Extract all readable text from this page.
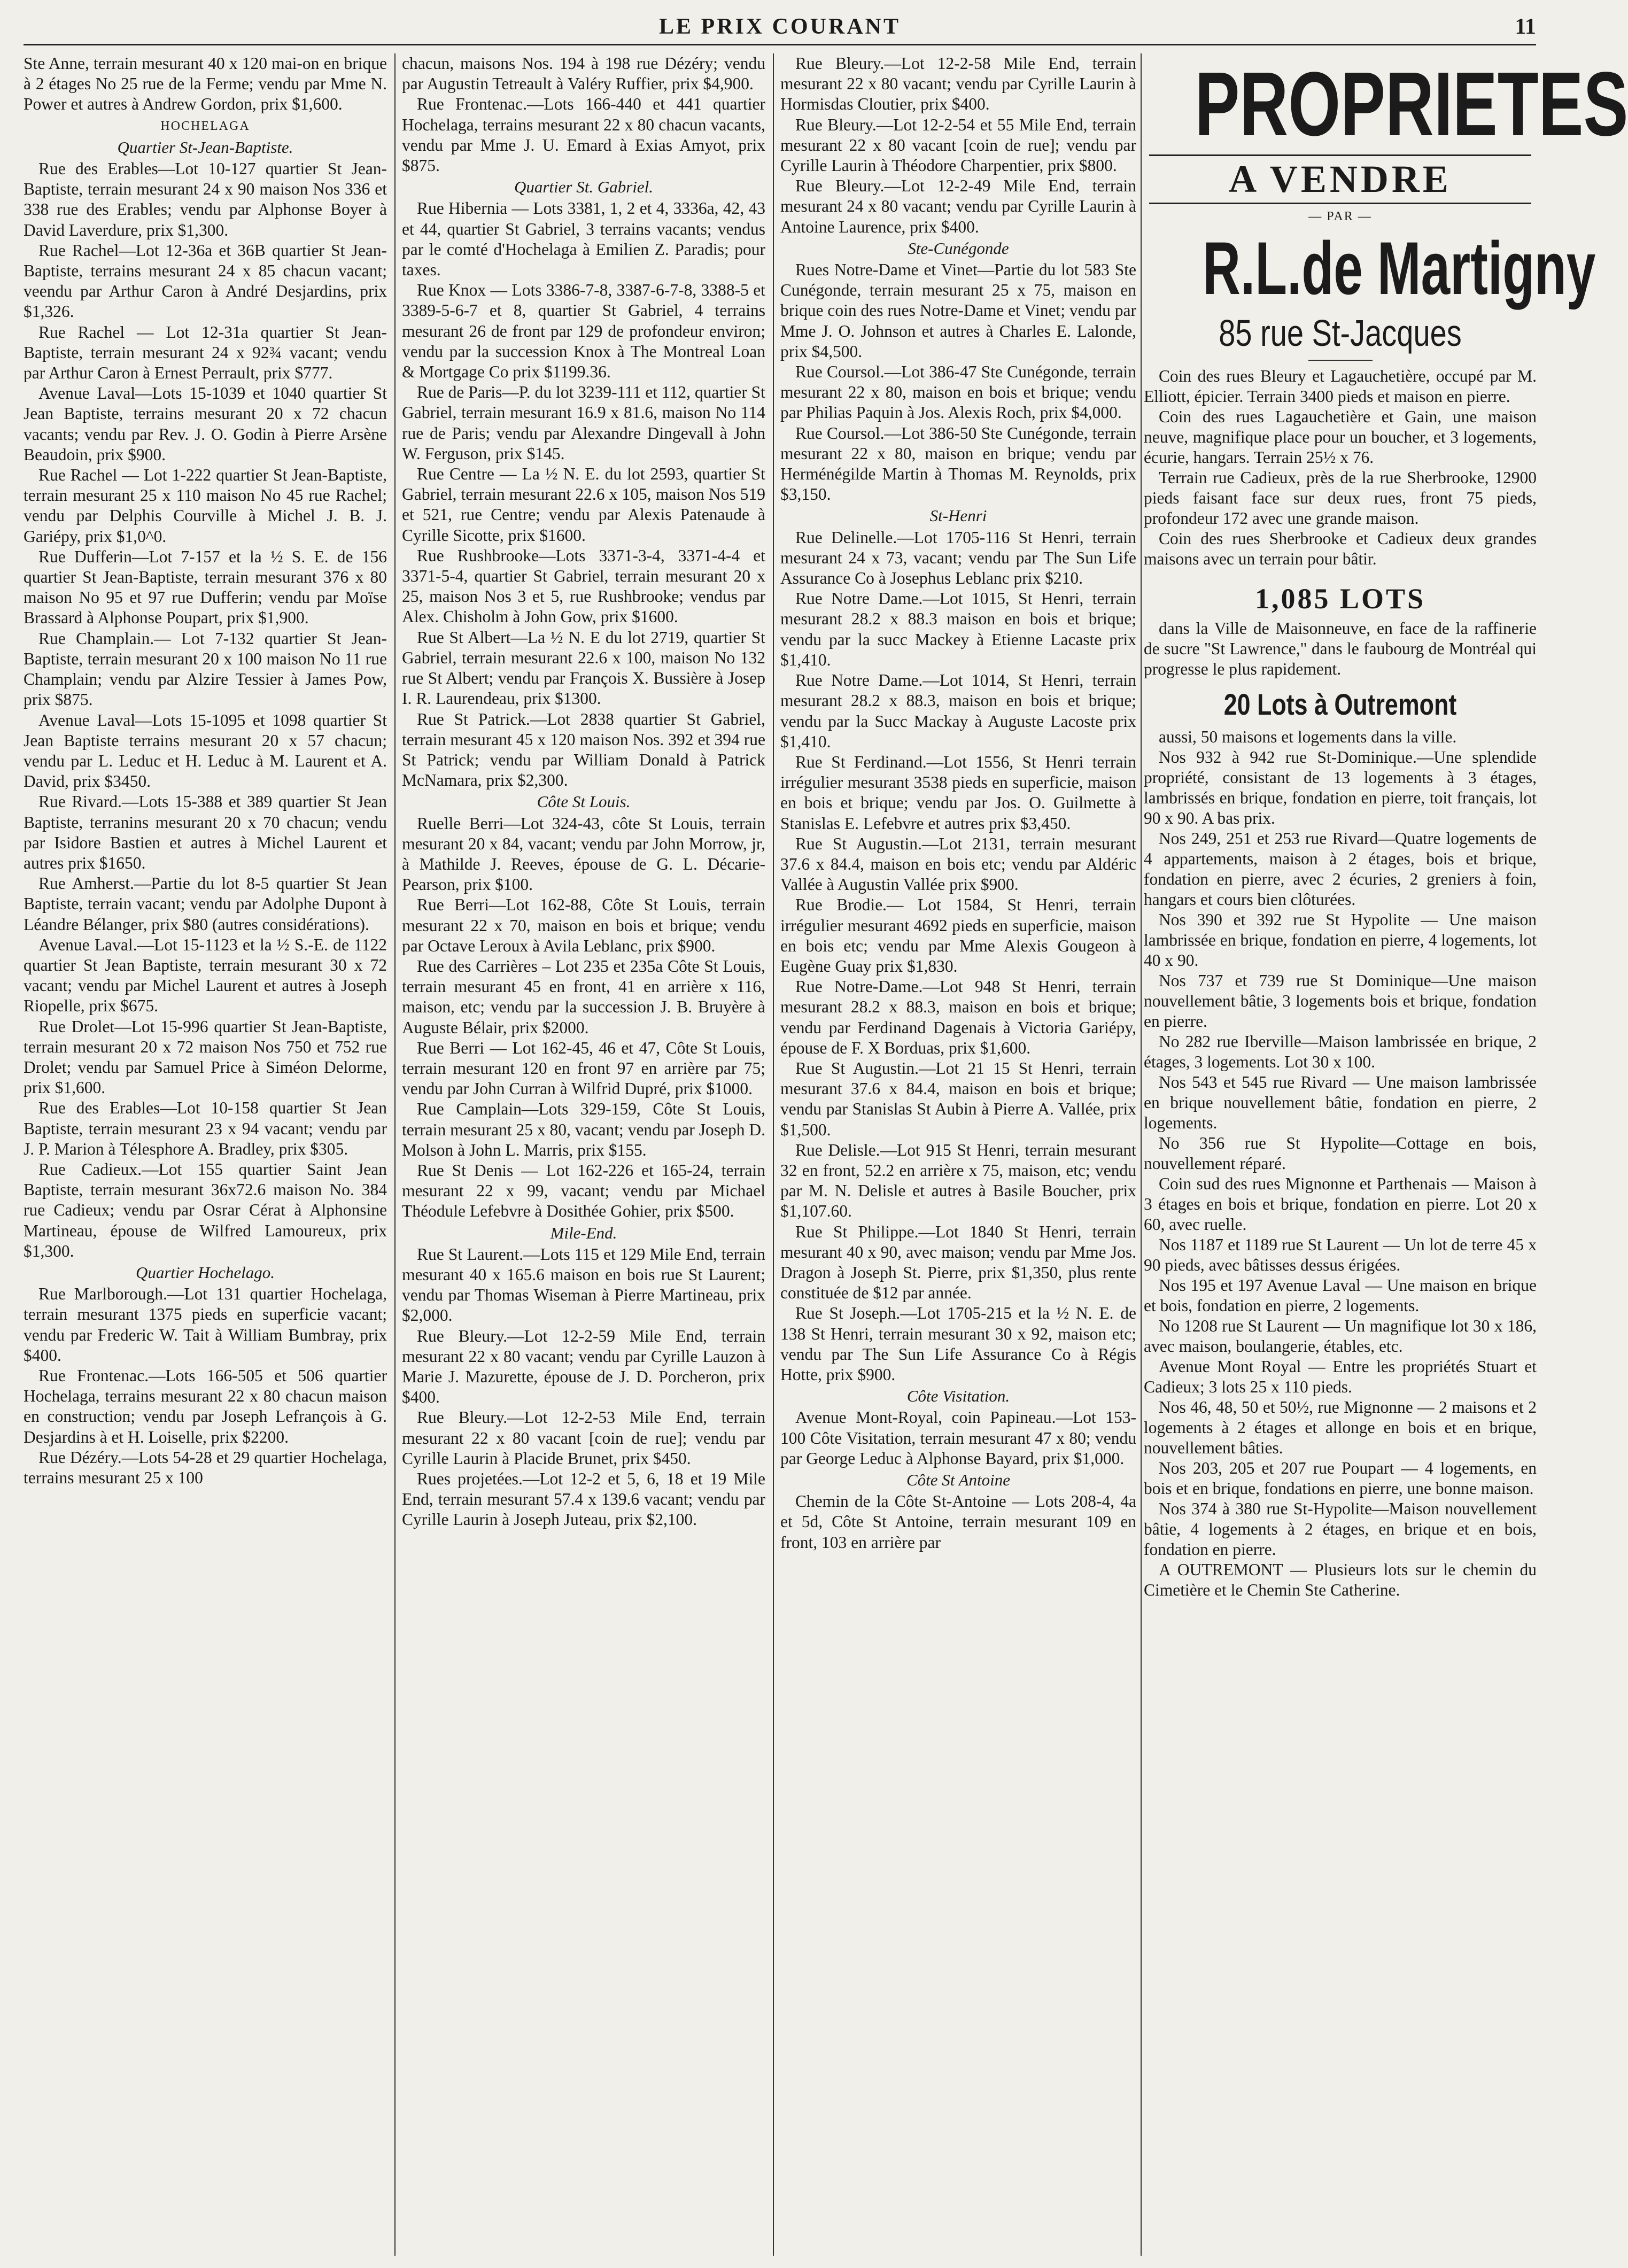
LE PRIX COURANT	11

Ste Anne, terrain mesurant 40 x 120 mai-on en brique à 2 étages No 25 rue de la Ferme; vendu par Mme N. Power et autres à Andrew Gordon, prix $1,600.

HOCHELAGA
Quartier St-Jean-Baptiste.

Rue des Erables—Lot 10-127 quartier St Jean-Baptiste, terrain mesurant 24 x 90 maison Nos 336 et 338 rue des Erables; vendu par Alphonse Boyer à David Laverdure, prix $1,300.

Rue Rachel—Lot 12-36a et 36B quartier St Jean-Baptiste, terrains mesurant 24 x 85 chacun vacant; veendu par Arthur Caron à André Desjardins, prix $1,326.

Rue Rachel — Lot 12-31a quartier St Jean-Baptiste, terrain mesurant 24 x 92¾ vacant; vendu par Arthur Caron à Ernest Perrault, prix $777.

Avenue Laval—Lots 15-1039 et 1040 quartier St Jean Baptiste, terrains mesurant 20 x 72 chacun vacants; vendu par Rev. J. O. Godin à Pierre Arsène Beaudoin, prix $900.

Rue Rachel — Lot 1-222 quartier St Jean-Baptiste, terrain mesurant 25 x 110 maison No 45 rue Rachel; vendu par Delphis Courville à Michel J. B. J. Gariépy, prix $1,0^0.

Rue Dufferin—Lot 7-157 et la ½ S. E. de 156 quartier St Jean-Baptiste, terrain mesurant 376 x 80 maison No 95 et 97 rue Dufferin; vendu par Moïse Brassard à Alphonse Poupart, prix $1,900.

Rue Champlain.— Lot 7-132 quartier St Jean-Baptiste, terrain mesurant 20 x 100 maison No 11 rue Champlain; vendu par Alzire Tessier à James Pow, prix $875.

Avenue Laval—Lots 15-1095 et 1098 quartier St Jean Baptiste terrains mesurant 20 x 57 chacun; vendu par L. Leduc et H. Leduc à M. Laurent et A. David, prix $3450.

Rue Rivard.—Lots 15-388 et 389 quartier St Jean Baptiste, terranins mesurant 20 x 70 chacun; vendu par Isidore Bastien et autres à Michel Laurent et autres prix $1650.

Rue Amherst.—Partie du lot 8-5 quartier St Jean Baptiste, terrain vacant; vendu par Adolphe Dupont à Léandre Bélanger, prix $80 (autres considérations).

Avenue Laval.—Lot 15-1123 et la ½ S.-E. de 1122 quartier St Jean Baptiste, terrain mesurant 30 x 72 vacant; vendu par Michel Laurent et autres à Joseph Riopelle, prix $675.

Rue Drolet—Lot 15-996 quartier St Jean-Baptiste, terrain mesurant 20 x 72 maison Nos 750 et 752 rue Drolet; vendu par Samuel Price à Siméon Delorme, prix $1,600.

Rue des Erables—Lot 10-158 quartier St Jean Baptiste, terrain mesurant 23 x 94 vacant; vendu par J. P. Marion à Télesphore A. Bradley, prix $305.

Rue Cadieux.—Lot 155 quartier Saint Jean Baptiste, terrain mesurant 36x72.6 maison No. 384 rue Cadieux; vendu par Osrar Cérat à Alphonsine Martineau, épouse de Wilfred Lamoureux, prix $1,300.

Quartier Hochelago.

Rue Marlborough.—Lot 131 quartier Hochelaga, terrain mesurant 1375 pieds en superficie vacant; vendu par Frederic W. Tait à William Bumbray, prix $400.

Rue Frontenac.—Lots 166-505 et 506 quartier Hochelaga, terrains mesurant 22 x 80 chacun maison en construction; vendu par Joseph Lefrançois à G. Desjardins à et H. Loiselle, prix $2200.

Rue Dézéry.—Lots 54-28 et 29 quartier Hochelaga, terrains mesurant 25 x 100

chacun, maisons Nos. 194 à 198 rue Dézéry; vendu par Augustin Tetreault à Valéry Ruffier, prix $4,900.

Rue Frontenac.—Lots 166-440 et 441 quartier Hochelaga, terrains mesurant 22 x 80 chacun vacants, vendu par Mme J. U. Emard à Exias Amyot, prix $875.

Quartier St. Gabriel.

Rue Hibernia — Lots 3381, 1, 2 et 4, 3336a, 42, 43 et 44, quartier St Gabriel, 3 terrains vacants; vendus par le comté d'Hochelaga à Emilien Z. Paradis; pour taxes.

Rue Knox — Lots 3386-7-8, 3387-6-7-8, 3388-5 et 3389-5-6-7 et 8, quartier St Gabriel, 4 terrains mesurant 26 de front par 129 de profondeur environ; vendu par la succession Knox à The Montreal Loan & Mortgage Co prix $1199.36.

Rue de Paris—P. du lot 3239-111 et 112, quartier St Gabriel, terrain mesurant 16.9 x 81.6, maison No 114 rue de Paris; vendu par Alexandre Dingevall à John W. Ferguson, prix $145.

Rue Centre — La ½ N. E. du lot 2593, quartier St Gabriel, terrain mesurant 22.6 x 105, maison Nos 519 et 521, rue Centre; vendu par Alexis Patenaude à Cyrille Sicotte, prix $1600.

Rue Rushbrooke—Lots 3371-3-4, 3371-4-4 et 3371-5-4, quartier St Gabriel, terrain mesurant 20 x 25, maison Nos 3 et 5, rue Rushbrooke; vendus par Alex. Chisholm à John Gow, prix $1600.

Rue St Albert—La ½ N. E du lot 2719, quartier St Gabriel, terrain mesurant 22.6 x 100, maison No 132 rue St Albert; vendu par François X. Bussière à Josep I. R. Laurendeau, prix $1300.

Rue St Patrick.—Lot 2838 quartier St Gabriel, terrain mesurant 45 x 120 maison Nos. 392 et 394 rue St Patrick; vendu par William Donald à Patrick McNamara, prix $2,300.

Côte St Louis.

Ruelle Berri—Lot 324-43, côte St Louis, terrain mesurant 20 x 84, vacant; vendu par John Morrow, jr, à Mathilde J. Reeves, épouse de G. L. Décarie-Pearson, prix $100.

Rue Berri—Lot 162-88, Côte St Louis, terrain mesurant 22 x 70, maison en bois et brique; vendu par Octave Leroux à Avila Leblanc, prix $900.

Rue des Carrières – Lot 235 et 235a Côte St Louis, terrain mesurant 45 en front, 41 en arrière x 116, maison, etc; vendu par la succession J. B. Bruyère à Auguste Bélair, prix $2000.

Rue Berri — Lot 162-45, 46 et 47, Côte St Louis, terrain mesurant 120 en front 97 en arrière par 75; vendu par John Curran à Wilfrid Dupré, prix $1000.

Rue Camplain—Lots 329-159, Côte St Louis, terrain mesurant 25 x 80, vacant; vendu par Joseph D. Molson à John L. Marris, prix $155.

Rue St Denis — Lot 162-226 et 165-24, terrain mesurant 22 x 99, vacant; vendu par Michael Théodule Lefebvre à Dosithée Gohier, prix $500.

Mile-End.

Rue St Laurent.—Lots 115 et 129 Mile End, terrain mesurant 40 x 165.6 maison en bois rue St Laurent; vendu par Thomas Wiseman à Pierre Martineau, prix $2,000.

Rue Bleury.—Lot 12-2-59 Mile End, terrain mesurant 22 x 80 vacant; vendu par Cyrille Lauzon à Marie J. Mazurette, épouse de J. D. Porcheron, prix $400.

Rue Bleury.—Lot 12-2-53 Mile End, terrain mesurant 22 x 80 vacant [coin de rue]; vendu par Cyrille Laurin à Placide Brunet, prix $450.

Rues projetées.—Lot 12-2 et 5, 6, 18 et 19 Mile End, terrain mesurant 57.4 x 139.6 vacant; vendu par Cyrille Laurin à Joseph Juteau, prix $2,100.

Rue Bleury.—Lot 12-2-58 Mile End, terrain mesurant 22 x 80 vacant; vendu par Cyrille Laurin à Hormisdas Cloutier, prix $400.

Rue Bleury.—Lot 12-2-54 et 55 Mile End, terrain mesurant 22 x 80 vacant [coin de rue]; vendu par Cyrille Laurin à Théodore Charpentier, prix $800.

Rue Bleury.—Lot 12-2-49 Mile End, terrain mesurant 24 x 80 vacant; vendu par Cyrille Laurin à Antoine Laurence, prix $400.

Ste-Cunégonde

Rues Notre-Dame et Vinet—Partie du lot 583 Ste Cunégonde, terrain mesurant 25 x 75, maison en brique coin des rues Notre-Dame et Vinet; vendu par Mme J. O. Johnson et autres à Charles E. Lalonde, prix $4,500.

Rue Coursol.—Lot 386-47 Ste Cunégonde, terrain mesurant 22 x 80, maison en bois et brique; vendu par Philias Paquin à Jos. Alexis Roch, prix $4,000.

Rue Coursol.—Lot 386-50 Ste Cunégonde, terrain mesurant 22 x 80, maison en brique; vendu par Herménégilde Martin à Thomas M. Reynolds, prix $3,150.

St-Henri

Rue Delinelle.—Lot 1705-116 St Henri, terrain mesurant 24 x 73, vacant; vendu par The Sun Life Assurance Co à Josephus Leblanc prix $210.

Rue Notre Dame.—Lot 1015, St Henri, terrain mesurant 28.2 x 88.3 maison en bois et brique; vendu par la succ Mackey à Etienne Lacaste prix $1,410.

Rue Notre Dame.—Lot 1014, St Henri, terrain mesurant 28.2 x 88.3, maison en bois et brique; vendu par la Succ Mackay à Auguste Lacoste prix $1,410.

Rue St Ferdinand.—Lot 1556, St Henri terrain irrégulier mesurant 3538 pieds en superficie, maison en bois et brique; vendu par Jos. O. Guilmette à Stanislas E. Lefebvre et autres prix $3,450.

Rue St Augustin.—Lot 2131, terrain mesurant 37.6 x 84.4, maison en bois etc; vendu par Aldéric Vallée à Augustin Vallée prix $900.

Rue Brodie.— Lot 1584, St Henri, terrain irrégulier mesurant 4692 pieds en superficie, maison en bois etc; vendu par Mme Alexis Gougeon à Eugène Guay prix $1,830.

Rue Notre-Dame.—Lot 948 St Henri, terrain mesurant 28.2 x 88.3, maison en bois et brique; vendu par Ferdinand Dagenais à Victoria Gariépy, épouse de F. X Borduas, prix $1,600.

Rue St Augustin.—Lot 21 15 St Henri, terrain mesurant 37.6 x 84.4, maison en bois et brique; vendu par Stanislas St Aubin à Pierre A. Vallée, prix $1,500.

Rue Delisle.—Lot 915 St Henri, terrain mesurant 32 en front, 52.2 en arrière x 75, maison, etc; vendu par M. N. Delisle et autres à Basile Boucher, prix $1,107.60.

Rue St Philippe.—Lot 1840 St Henri, terrain mesurant 40 x 90, avec maison; vendu par Mme Jos. Dragon à Joseph St. Pierre, prix $1,350, plus rente constituée de $12 par année.

Rue St Joseph.—Lot 1705-215 et la ½ N. E. de 138 St Henri, terrain mesurant 30 x 92, maison etc; vendu par The Sun Life Assurance Co à Régis Hotte, prix $900.

Côte Visitation.

Avenue Mont-Royal, coin Papineau.—Lot 153-100 Côte Visitation, terrain mesurant 47 x 80; vendu par George Leduc à Alphonse Bayard, prix $1,000.

Côte St Antoine

Chemin de la Côte St-Antoine — Lots 208-4, 4a et 5d, Côte St Antoine, terrain mesurant 109 en front, 103 en arrière par

PROPRIETES
A VENDRE
— PAR —
R.L.de Martigny
85 rue St-Jacques

Coin des rues Bleury et Lagauchetière, occupé par M. Elliott, épicier. Terrain 3400 pieds et maison en pierre.

Coin des rues Lagauchetière et Gain, une maison neuve, magnifique place pour un boucher, et 3 logements, écurie, hangars. Terrain 25½ x 76.

Terrain rue Cadieux, près de la rue Sherbrooke, 12900 pieds faisant face sur deux rues, front 75 pieds, profondeur 172 avec une grande maison.

Coin des rues Sherbrooke et Cadieux deux grandes maisons avec un terrain pour bâtir.

1,085 LOTS

dans la Ville de Maisonneuve, en face de la raffinerie de sucre "St Lawrence," dans le faubourg de Montréal qui progresse le plus rapidement.

20 Lots à Outremont

aussi, 50 maisons et logements dans la ville.

Nos 932 à 942 rue St-Dominique.—Une splendide propriété, consistant de 13 logements à 3 étages, lambrissés en brique, fondation en pierre, toit français, lot 90 x 90. A bas prix.

Nos 249, 251 et 253 rue Rivard—Quatre logements de 4 appartements, maison à 2 étages, bois et brique, fondation en pierre, avec 2 écuries, 2 greniers à foin, hangars et cours bien clôturées.

Nos 390 et 392 rue St Hypolite — Une maison lambrissée en brique, fondation en pierre, 4 logements, lot 40 x 90.

Nos 737 et 739 rue St Dominique—Une maison nouvellement bâtie, 3 logements bois et brique, fondation en pierre.

No 282 rue Iberville—Maison lambrissée en brique, 2 étages, 3 logements. Lot 30 x 100.

Nos 543 et 545 rue Rivard — Une maison lambrissée en brique nouvellement bâtie, fondation en pierre, 2 logements.

No 356 rue St Hypolite—Cottage en bois, nouvellement réparé.

Coin sud des rues Mignonne et Parthenais — Maison à 3 étages en bois et brique, fondation en pierre. Lot 20 x 60, avec ruelle.

Nos 1187 et 1189 rue St Laurent — Un lot de terre 45 x 90 pieds, avec bâtisses dessus érigées.

Nos 195 et 197 Avenue Laval — Une maison en brique et bois, fondation en pierre, 2 logements.

No 1208 rue St Laurent — Un magnifique lot 30 x 186, avec maison, boulangerie, étables, etc.

Avenue Mont Royal — Entre les propriétés Stuart et Cadieux; 3 lots 25 x 110 pieds.

Nos 46, 48, 50 et 50½, rue Mignonne — 2 maisons et 2 logements à 2 étages et allonge en bois et en brique, nouvellement bâties.

Nos 203, 205 et 207 rue Poupart — 4 logements, en bois et en brique, fondations en pierre, une bonne maison.

Nos 374 à 380 rue St-Hypolite—Maison nouvellement bâtie, 4 logements à 2 étages, en brique et en bois, fondation en pierre.

A OUTREMONT — Plusieurs lots sur le chemin du Cimetière et le Chemin Ste Catherine.
